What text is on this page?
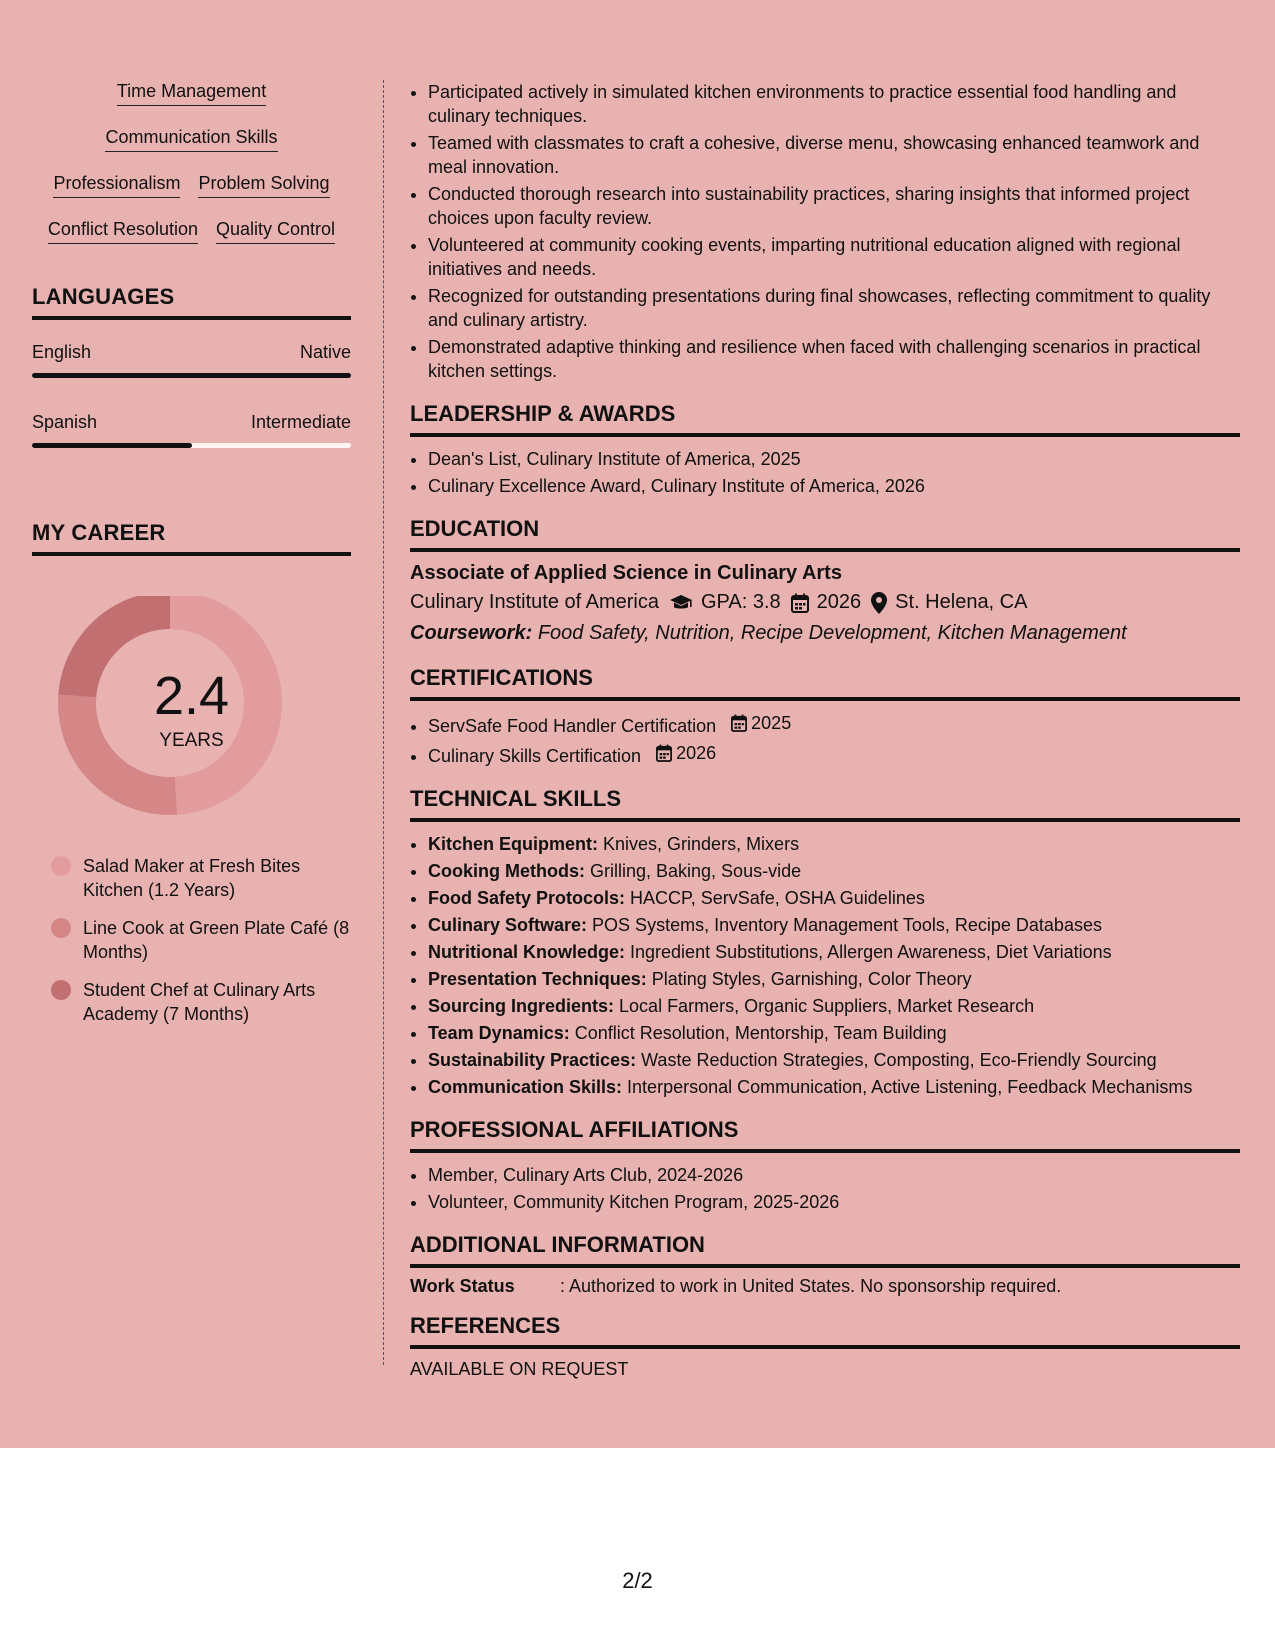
Time Management
Communication Skills
Professionalism Problem Solving
Conflict Resolution Quality Control
LANGUAGES
English	Native
Spanish	Intermediate
MY CAREER
2.4
YEARS
Salad Maker at Fresh Bites Kitchen (1.2 Years)
Line Cook at Green Plate Café (8 Months)
Student Chef at Culinary Arts Academy (7 Months)
• Participated actively in simulated kitchen environments to practice essential food handling and culinary techniques.
• Teamed with classmates to craft a cohesive, diverse menu, showcasing enhanced teamwork and meal innovation.
• Conducted thorough research into sustainability practices, sharing insights that informed project choices upon faculty review.
• Volunteered at community cooking events, imparting nutritional education aligned with regional initiatives and needs.
• Recognized for outstanding presentations during final showcases, reflecting commitment to quality and culinary artistry.
• Demonstrated adaptive thinking and resilience when faced with challenging scenarios in practical kitchen settings.
LEADERSHIP & AWARDS
• Dean's List, Culinary Institute of America, 2025
• Culinary Excellence Award, Culinary Institute of America, 2026
EDUCATION
Associate of Applied Science in Culinary Arts
Culinary Institute of America GPA: 3.8 2026 St. Helena, CA
Coursework: Food Safety, Nutrition, Recipe Development, Kitchen Management
CERTIFICATIONS
• ServSafe Food Handler Certification 2025
• Culinary Skills Certification 2026
TECHNICAL SKILLS
• Kitchen Equipment: Knives, Grinders, Mixers
• Cooking Methods: Grilling, Baking, Sous-vide
• Food Safety Protocols: HACCP, ServSafe, OSHA Guidelines
• Culinary Software: POS Systems, Inventory Management Tools, Recipe Databases
• Nutritional Knowledge: Ingredient Substitutions, Allergen Awareness, Diet Variations
• Presentation Techniques: Plating Styles, Garnishing, Color Theory
• Sourcing Ingredients: Local Farmers, Organic Suppliers, Market Research
• Team Dynamics: Conflict Resolution, Mentorship, Team Building
• Sustainability Practices: Waste Reduction Strategies, Composting, Eco-Friendly Sourcing
• Communication Skills: Interpersonal Communication, Active Listening, Feedback Mechanisms
PROFESSIONAL AFFILIATIONS
• Member, Culinary Arts Club, 2024-2026
• Volunteer, Community Kitchen Program, 2025-2026
ADDITIONAL INFORMATION
Work Status	: Authorized to work in United States. No sponsorship required.
REFERENCES
AVAILABLE ON REQUEST
2/2
